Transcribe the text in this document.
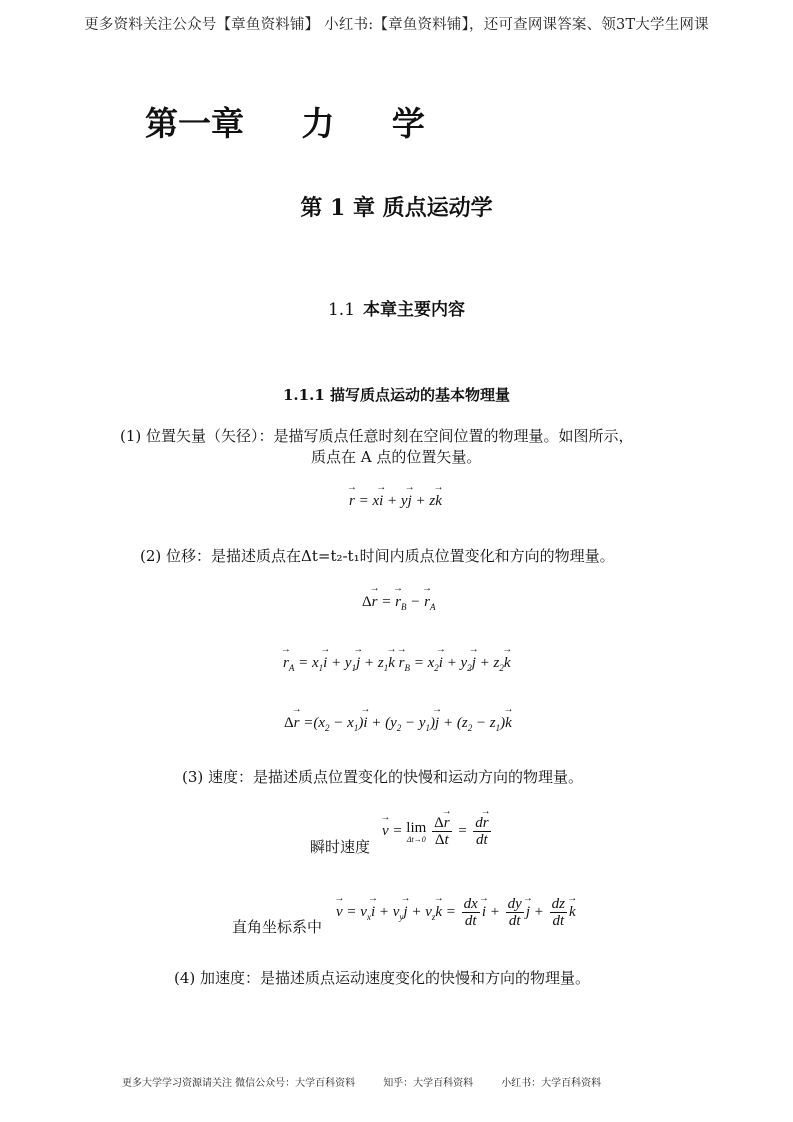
更多资料关注公众号【章鱼资料铺】 小红书:【章鱼资料铺】，还可查网课答案、领3T大学生网课
第一章     力     学
第 1 章 质点运动学
1.1 本章主要内容
1.1.1 描写质点运动的基本物理量
(1) 位置矢量（矢径）：是描写质点任意时刻在空间位置的物理量。如图所示，
质点在 A 点的位置矢量。
→ r = x→ i + y→ j + z→ k
(2) 位移：是描述质点在Δt=t₂-t₁时间内质点位置变化和方向的物理量。
Δ→ r = → $r_B$ − → $r_A$
→ $r_A = x_1\to i + y_1\to j + z_1\to k \to r_B = x_2\to i + y_2\to j + z_2\to k$
$\Delta\to r =(x_2 - x_1)\to i + (y_2 - y_1)\to j + (z_2 - z_1)\to k$
(3) 速度：是描述质点位置变化的快慢和运动方向的物理量。
瞬时速度
→ v = lim
Δt→0
$\frac{\Delta\to r}{\Delta t} = \frac{d\to r}{dt}$
直角坐标系中
→ $v = v_x\to i + v_y\to j + v_z\to k = \frac{dx}{dt}$
→ $i + \frac{dy}{dt}$
→ $j + \frac{dz}{dt}$
→ k
(4) 加速度：是描述质点运动速度变化的快慢和方向的物理量。
更多大学学习资源请关注 微信公众号：大学百科资料	知乎：大学百科资料	小红书：大学百科资料
